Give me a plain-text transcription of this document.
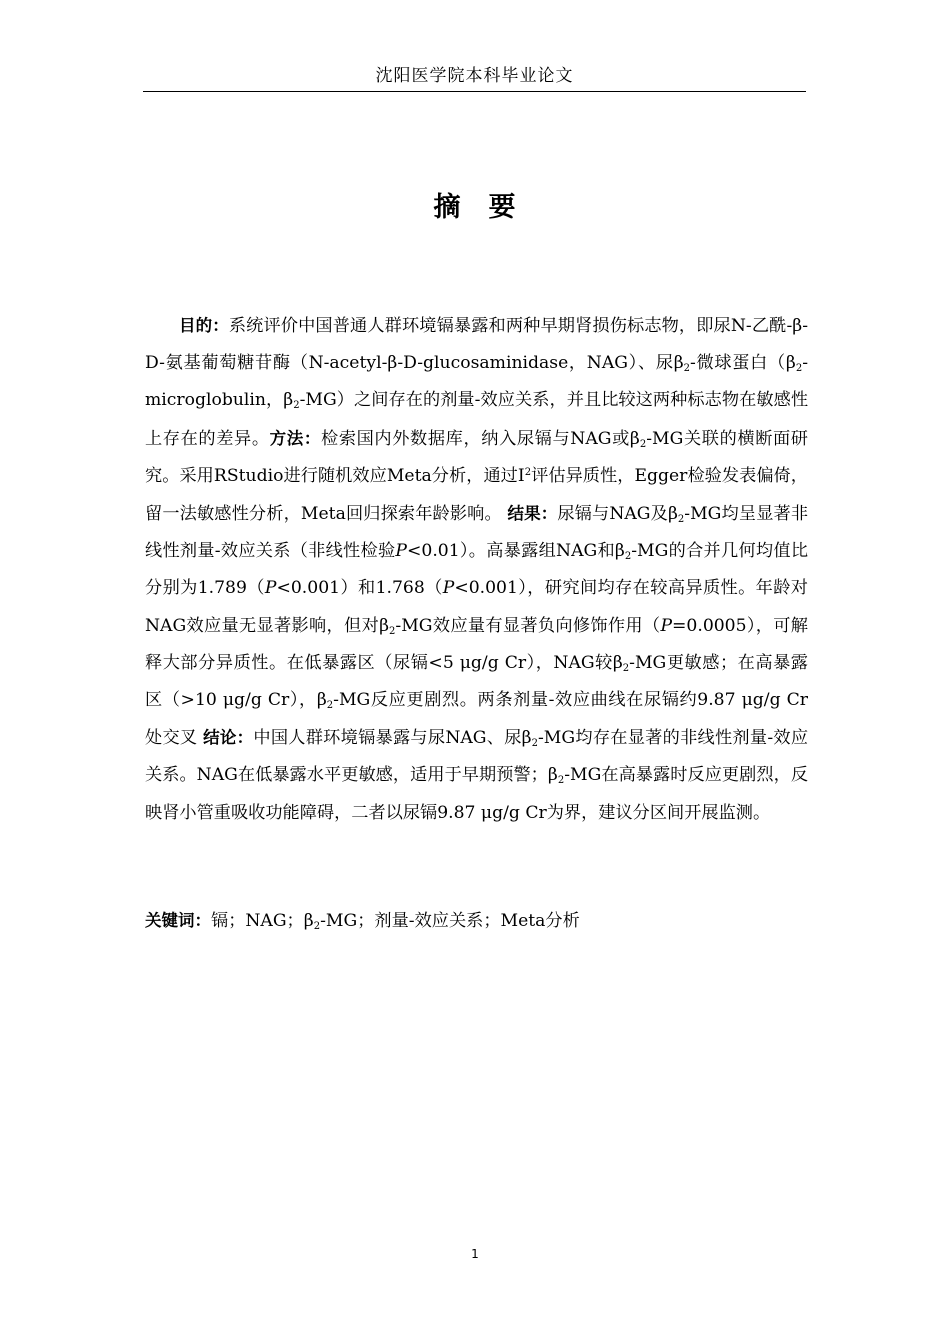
沈阳医学院本科毕业论文
摘 要

目的：系统评价中国普通人群环境镉暴露和两种早期肾损伤标志物，即尿N-乙酰-β-D-氨基葡萄糖苷酶（N-acetyl-β-D-glucosaminidase，NAG）、尿$\beta_2-$微球蛋白（$\beta_2$-microglobulin，$\beta_2-MG$）之间存在的剂量-效应关系，并且比较这两种标志物在敏感性上存在的差异。方法：检索国内外数据库，纳入尿镉与NAG或$\beta_2-MG$关联的横断面研究。采用RStudio进行随机效应Meta分析，通过$I^2$评估异质性，Egger检验发表偏倚，留一法敏感性分析，Meta回归探索年龄影响。 结果：尿镉与NAG及$\beta_2-MG$均呈显著非线性剂量-效应关系（非线性检验P<0.01）。高暴露组NAG和$\beta_2-MG$的合并几何均值比分别为1.789（P<0.001）和1.768（P<0.001），研究间均存在较高异质性。年龄对NAG效应量无显著影响，但对$\beta_2-MG$效应量有显著负向修饰作用（P=0.0005），可解释大部分异质性。在低暴露区（尿镉<5 μg/g Cr），NAG较$\beta_2-MG$更敏感；在高暴露区（>10 μg/g Cr），$\beta_2-MG$反应更剧烈。两条剂量-效应曲线在尿镉约9.87 μg/g Cr处交叉 结论：中国人群环境镉暴露与尿NAG、尿$\beta_2-MG$均存在显著的非线性剂量-效应关系。NAG在低暴露水平更敏感，适用于早期预警；$\beta_2-MG$在高暴露时反应更剧烈，反映肾小管重吸收功能障碍，二者以尿镉9.87 μg/g Cr为界，建议分区间开展监测。

关键词：镉；NAG；$\beta_2-MG$；剂量-效应关系；Meta分析

1
